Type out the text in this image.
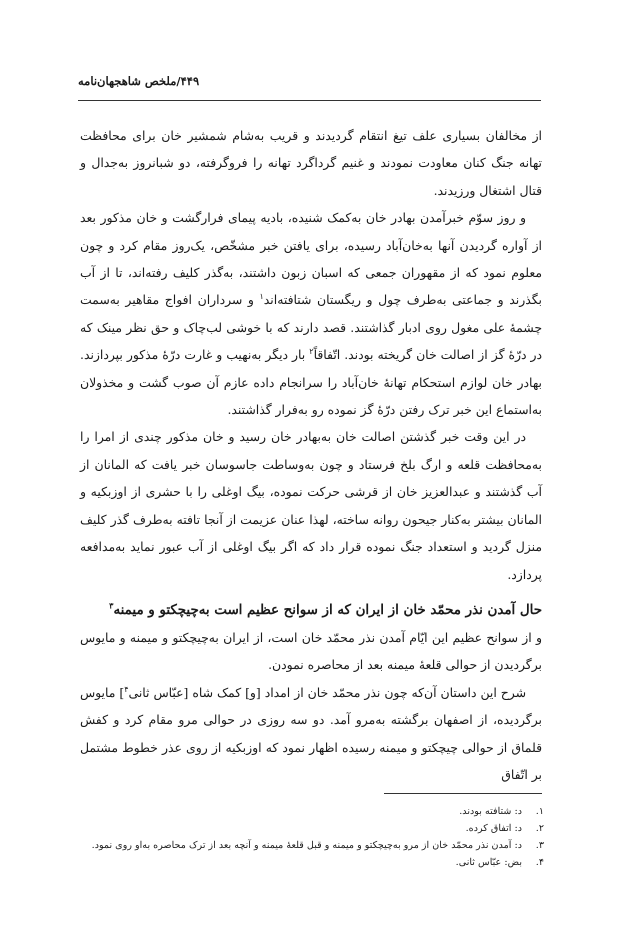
۴۴۹/ملخص شاهجهان‌نامه

از مخالفان بسیاری علف تیغ انتقام گردیدند و قریب به‌شام شمشیر خان برای محافظت تهانه جنگ کنان معاودت نمودند و غنیم گرداگرد تهانه را فروگرفته، دو شبانروز به‌جدال و قتال اشتغال ورزیدند.

و روز سوّم خبرآمدن بهادر خان به‌کمک شنیده، بادیه پیمای فرارگشت و خان مذکور بعد از آواره گردیدن آنها به‌خان‌آباد رسیده، برای یافتن خبر مشخّص، یک‌روز مقام کرد و چون معلوم نمود که از مقهوران جمعی که اسبان زبون داشتند، به‌گذر کلیف رفته‌اند، تا از آب بگذرند و جماعتی به‌طرف چول و ریگستان شتافته‌اند$^۱$ و سرداران افواج مقاهیر به‌سمت چشمهٔ علی مغول روی ادبار گذاشتند. قصد دارند که با خوشی لب‌چاک و حق نظر مینک که در درّهٔ گز از اصالت خان گریخته بودند. اتّفاقاً$^۲$ بار دیگر به‌نهیب و غارت درّهٔ مذکور بپردازند. بهادر خان لوازم استحکام تهانهٔ خان‌آباد را سرانجام داده عازم آن صوب گشت و مخذولان به‌استماع این خبر ترک رفتن درّهٔ گز نموده رو به‌فرار گذاشتند.

در این وقت خبر گذشتن اصالت خان به‌بهادر خان رسید و خان مذکور چندی از امرا را به‌محافظت قلعه و ارگ بلخ فرستاد و چون به‌وساطت جاسوسان خبر یافت که المانان از آب گذشتند و عبدالعزیز خان از قرشی حرکت نموده، بیگ اوغلی را با حشری از اوزبکیه و المانان بیشتر به‌کنار جیحون روانه ساخته، لهذا عنان عزیمت از آنجا تافته به‌طرف گذر کلیف منزل گردید و استعداد جنگ نموده قرار داد که اگر بیگ اوغلی از آب عبور نماید به‌مدافعه پردازد.

حال آمدن نذر محمّد خان از ایران که از سوانح عظیم است به‌چیچکتو و میمنه$^۳$

و از سوانح عظیم این ایّام آمدن نذر محمّد خان است، از ایران به‌چیچکتو و میمنه و مایوس برگردیدن از حوالی قلعهٔ میمنه بعد از محاصره نمودن.

شرح این داستان آن‌که چون نذر محمّد خان از امداد [و] کمک شاه [عبّاس ثانی$^۴$] مایوس برگردیده، از اصفهان برگشته به‌مرو آمد. دو سه روزی در حوالی مرو مقام کرد و کفش قلماق از حوالی چیچکتو و میمنه رسیده اظهار نمود که اوزبکیه از روی عذر خطوط مشتمل بر اتّفاق

۱.
د: شتافته بودند.
۲.
د: اتفاق کرده.
۳.
د: آمدن نذر محمّد خان از مرو به‌چیچکتو و میمنه و قبل قلعهٔ میمنه و آنچه بعد از ترک محاصره به‌او روی نمود.
۴.
بض: عبّاس ثانی.
